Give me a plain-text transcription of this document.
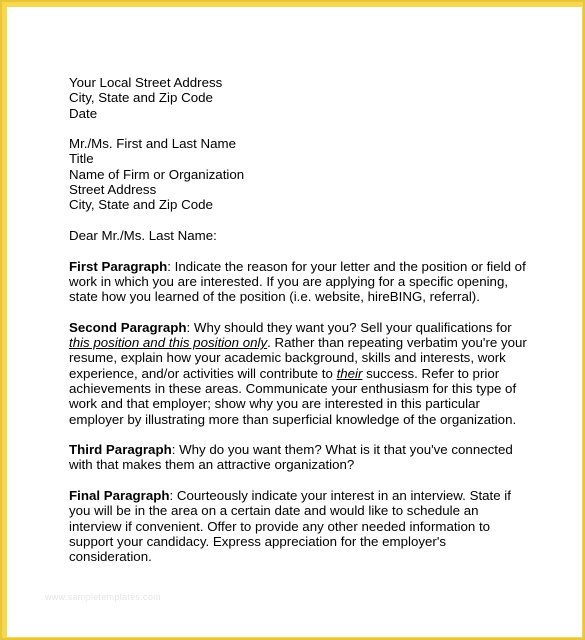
Your Local Street Address
City, State and Zip Code
Date
Mr./Ms. First and Last Name
Title
Name of Firm or Organization
Street Address
City, State and Zip Code
Dear Mr./Ms. Last Name:
First Paragraph: Indicate the reason for your letter and the position or field of
work in which you are interested. If you are applying for a specific opening,
state how you learned of the position (i.e. website, hireBING, referral).
Second Paragraph: Why should they want you? Sell your qualifications for
this position and this position only. Rather than repeating verbatim you're your
resume, explain how your academic background, skills and interests, work
experience, and/or activities will contribute to their success. Refer to prior
achievements in these areas. Communicate your enthusiasm for this type of
work and that employer; show why you are interested in this particular
employer by illustrating more than superficial knowledge of the organization.
Third Paragraph: Why do you want them? What is it that you've connected
with that makes them an attractive organization?
Final Paragraph: Courteously indicate your interest in an interview. State if
you will be in the area on a certain date and would like to schedule an
interview if convenient. Offer to provide any other needed information to
support your candidacy. Express appreciation for the employer's
consideration.
www.sampletemplates.com
